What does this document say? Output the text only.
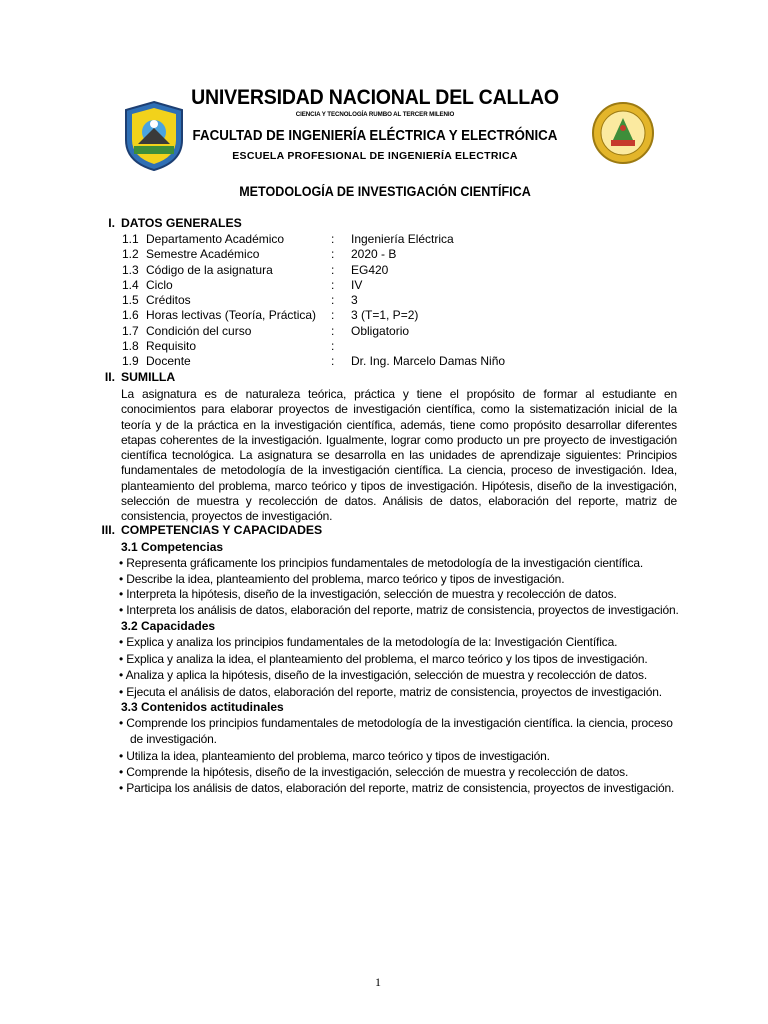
UNIVERSIDAD NACIONAL DEL CALLAO
CIENCIA Y TECNOLOGÍA RUMBO AL TERCER MILENIO
FACULTAD DE INGENIERÍA ELÉCTRICA Y ELECTRÓNICA
ESCUELA PROFESIONAL DE INGENIERÍA ELECTRICA
METODOLOGÍA DE INVESTIGACIÓN CIENTÍFICA
I. DATOS GENERALES
1.1 Departamento Académico	: Ingeniería Eléctrica
1.2 Semestre Académico	: 2020 - B
1.3 Código de la asignatura	: EG420
1.4 Ciclo	: IV
1.5 Créditos	: 3
1.6 Horas lectivas (Teoría, Práctica) : 3 (T=1, P=2)
1.7 Condición del curso	: Obligatorio
1.8 Requisito	:
1.9 Docente	: Dr. Ing. Marcelo Damas Niño
II. SUMILLA
La asignatura es de naturaleza teórica, práctica y tiene el propósito de formar al estudiante en conocimientos para elaborar proyectos de investigación científica, como la sistematización inicial de la teoría y de la práctica en la investigación científica, además, tiene como propósito desarrollar diferentes etapas coherentes de la investigación. Igualmente, lograr como producto un pre proyecto de investigación científica tecnológica. La asignatura se desarrolla en las unidades de aprendizaje siguientes: Principios fundamentales de metodología de la investigación científica. La ciencia, proceso de investigación. Idea, planteamiento del problema, marco teórico y tipos de investigación. Hipótesis, diseño de la investigación, selección de muestra y recolección de datos. Análisis de datos, elaboración del reporte, matriz de consistencia, proyectos de investigación.
III. COMPETENCIAS Y CAPACIDADES
3.1 Competencias
• Representa gráficamente los principios fundamentales de metodología de la investigación científica.
• Describe la idea, planteamiento del problema, marco teórico y tipos de investigación.
• Interpreta la hipótesis, diseño de la investigación, selección de muestra y recolección de datos.
• Interpreta los análisis de datos, elaboración del reporte, matriz de consistencia, proyectos de investigación.
3.2 Capacidades
• Explica y analiza los principios fundamentales de la metodología de la: Investigación Científica.
• Explica y analiza la idea, el planteamiento del problema, el marco teórico y los tipos de investigación.
• Analiza y aplica la hipótesis, diseño de la investigación, selección de muestra y recolección de datos.
• Ejecuta el análisis de datos, elaboración del reporte, matriz de consistencia, proyectos de investigación.
3.3 Contenidos actitudinales
• Comprende los principios fundamentales de metodología de la investigación científica. la ciencia, proceso
de investigación.
• Utiliza la idea, planteamiento del problema, marco teórico y tipos de investigación.
• Comprende la hipótesis, diseño de la investigación, selección de muestra y recolección de datos.
• Participa los análisis de datos, elaboración del reporte, matriz de consistencia, proyectos de investigación.
1
